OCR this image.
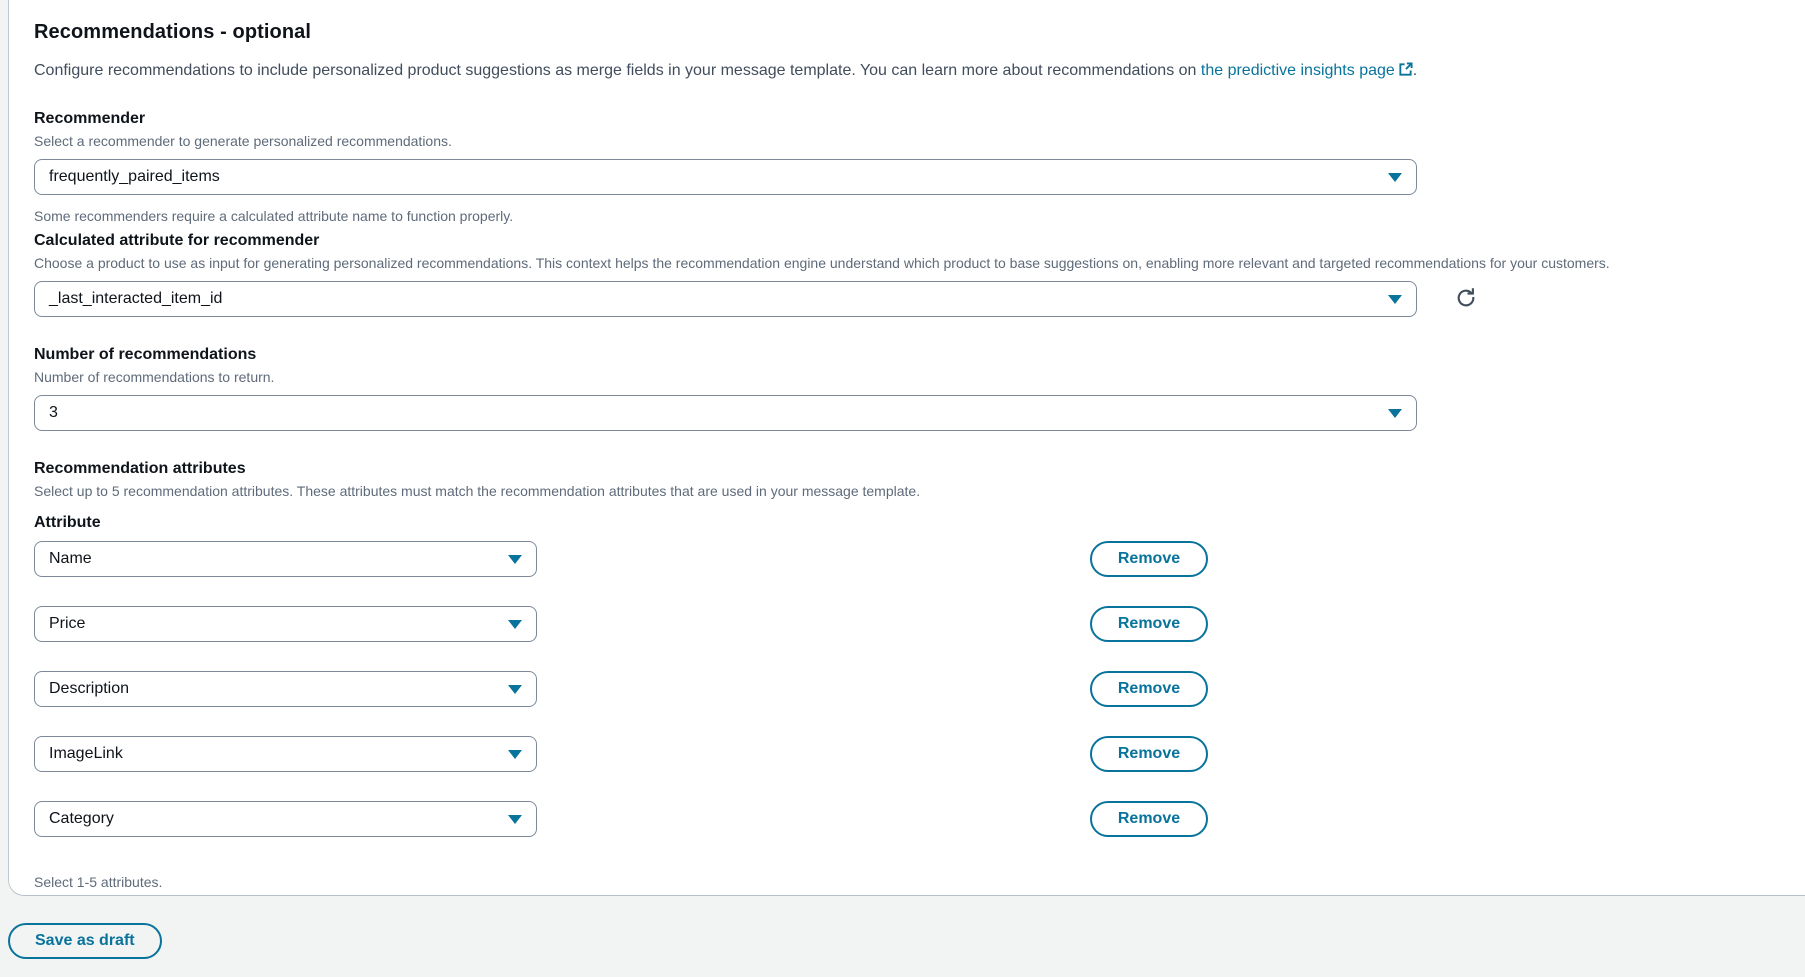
Recommendations - optional

Configure recommendations to include personalized product suggestions as merge fields in your message template. You can learn more about recommendations on the predictive insights page .

Recommender
Select a recommender to generate personalized recommendations.
frequently_paired_items
Some recommenders require a calculated attribute name to function properly.
Calculated attribute for recommender
Choose a product to use as input for generating personalized recommendations. This context helps the recommendation engine understand which product to base suggestions on, enabling more relevant and targeted recommendations for your customers.
_last_interacted_item_id
Number of recommendations
Number of recommendations to return.
3
Recommendation attributes
Select up to 5 recommendation attributes. These attributes must match the recommendation attributes that are used in your message template.
Attribute
Name	Remove
Price	Remove
Description	Remove
ImageLink	Remove
Category	Remove
Select 1-5 attributes.
Save as draft
